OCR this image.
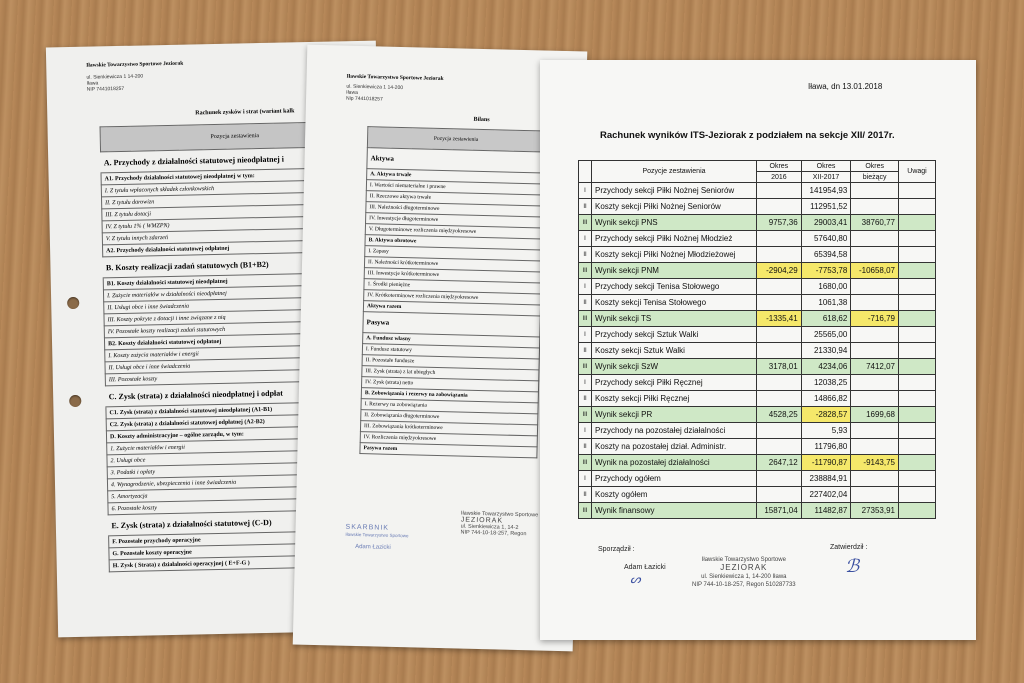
Iławskie Towarzystwo Sportowe Jeziorak
ul. Sienkiewicza 1 14-200 Iława
NIP 7441018257
Rachunek zysków i strat (wariant kalk
Pozycja zestawienia
A. Przychody z działalności statutowej nieodpłatnej i
A1. Przychody działalności statutowej nieodpłatnej w tym:
I. Z tytułu wpłaconych składek członkowskich
II. Z tytułu darowizn
III. Z tytułu dotacji
IV. Z tytułu 1% ( WMZPN)
V. Z tytułu innych zdarzeń
A2. Przychody działalności statutowej odpłatnej
B. Koszty realizacji zadań statutowych (B1+B2)
B1. Koszty działalności statutowej nieodpłatnej
I. Zużycie materiałów w działalności nieodpłatnej
II. Usługi obce i inne świadczenia
III. Koszty pokryte z dotacji i inne związane z nią
IV. Pozostałe koszty realizacji zadań statutowych
B2. Koszty działalności statutowej odpłatnej
I. Koszty zużycia materiałów i energii
II. Usługi obce i inne świadczenia
III. Pozostałe koszty
C. Zysk (strata) z działalności nieodpłatnej i odpłat
C1. Zysk (strata) z działalności statutowej nieodpłatnej (A1-B1)
C2. Zysk (strata) z działalności statutowej odpłatnej (A2-B2)
D. Koszty administracyjne – ogólne zarządu, w tym:
1. Zużycie materiałów i energii
2. Usługi obce
3. Podatki i opłaty
4. Wynagrodzenie, ubezpieczenia i inne świadczenia
5. Amortyzacja
6. Pozostałe koszty
E. Zysk (strata) z działalności statutowej (C-D)
F. Pozostałe przychody operacyjne
G. Pozostałe koszty operacyjne
H. Zysk ( Strata) z działalności operacyjnej ( E+F-G )
Iławskie Towarzystwo Sportowe Jeziorak
ul. Sienkiewicza 1 14-200 Iława
Nip 7441018257
Bilans
Pozycja zestawienia
Aktywa
A. Aktywa trwałe
I. Wartości niematerialne i prawne
II. Rzeczowe aktywa trwałe
III. Należności długoterminowe
IV. Inwestycje długoterminowe
V. Długoterminowe rozliczenia międzyokresowe
B. Aktywa obrotowe
I. Zapasy
II. Należności krótkoterminowe
III. Inwestycje krótkoterminowe
1. Środki pieniężne
IV. Krótkoterminowe rozliczenia międzyokresowe
Aktywa razem
Pasywa
A. Fundusz własny
I. Fundusz statutowy
II. Pozostałe fundusze
III. Zysk (strata) z lat ubiegłych
IV. Zysk (strata) netto
B. Zobowiązania i rezerwy na zobowiązania
I. Rezerwy na zobowiązania
II. Zobowiązania długoterminowe
III. Zobowiązania krótkoterminowe
IV. Rozliczenia międzyokresowe
Pasywa razem
SKARBNIK
Iławskie Towarzystwo Sportowe
Adam Łazicki
Iławskie Towarzystwo Sportowe
JEZIORAK
ul. Sienkiewicza 1, 14-2
NIP 744-10-18-257, Regon
Iława, dn 13.01.2018
Rachunek wyników ITS-Jeziorak z podziałem na sekcje XII/ 2017r.
	Pozycje zestawienia	Okres	Okres	Okres	Uwagi
		2016	XII-2017	bieżący	
I	Przychody sekcji Piłki Nożnej Seniorów		141954,93		
II	Koszty sekcji Piłki Nożnej Seniorów		112951,52		
III	Wynik sekcji PNS	9757,36	29003,41	38760,77	
I	Przychody sekcji Piłki Nożnej Młodzież		57640,80		
II	Koszty sekcji Piłki Nożnej Młodzieżowej		65394,58		
III	Wynik sekcji PNM	-2904,29	-7753,78	-10658,07	
I	Przychody sekcji Tenisa Stołowego		1680,00		
II	Koszty sekcji Tenisa Stołowego		1061,38		
III	Wynik sekcji TS	-1335,41	618,62	-716,79	
I	Przychody sekcji Sztuk Walki		25565,00		
II	Koszty sekcji Sztuk Walki		21330,94		
III	Wynik sekcji SzW	3178,01	4234,06	7412,07	
I	Przychody sekcji Piłki Ręcznej		12038,25		
II	Koszty sekcji Piłki Ręcznej		14866,82		
III	Wynik sekcji PR	4528,25	-2828,57	1699,68	
I	Przychody na pozostałej działalności		5,93		
II	Koszty na pozostałej dział. Administr.		11796,80		
III	Wynik na pozostałej działalności	2647,12	-11790,87	-9143,75	
I	Przychody ogółem		238884,91		
II	Koszty ogółem		227402,04		
III	Wynik finansowy	15871,04	11482,87	27353,91	
Sporządził :
Adam Łazicki
ᔕ
Iławskie Towarzystwo Sportowe
JEZIORAK
ul. Sienkiewicza 1, 14-200 Iława
NIP 744-10-18-257, Regon 510287733
Zatwierdził :
ℬ
